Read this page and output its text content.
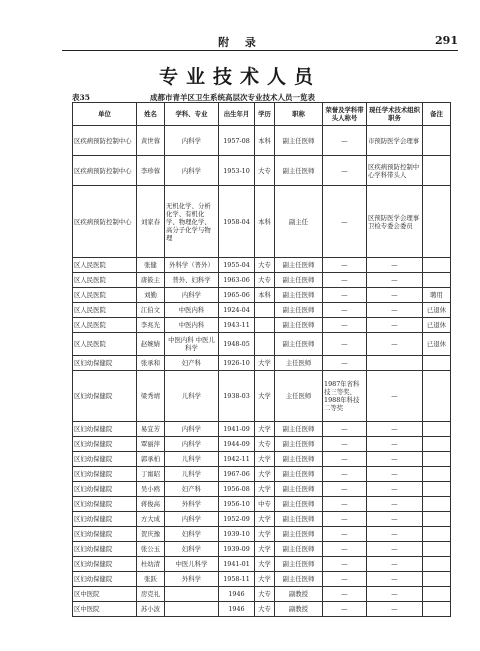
附 录	291
专业技术人员
表35	成都市青羊区卫生系统高层次专业技术人员一览表
单位	姓名	学科、专业	出生年月	学历	职称	荣誉及学科带头人称号	现任学术技术组织职务	备注
区疾病预防控制中心	黄世蓉	内科学	1957-08	本科	副主任医师	—	市预防医学会理事	
区疾病预防控制中心	李珍蓉	内科学	1953-10	大专	副主任医师	—	区疾病预防控制中心学科带头人	
区疾病预防控制中心	刘家春	无机化学、分析化学、有机化学、物理化学、高分子化学与物理	1958-04	本科	副主任	—	区预防医学会理事卫检专委会委员	
区人民医院	张健	外科学（普外）	1955-04	大专	副主任医师	—	—	
区人民医院	唐筱主	普外、妇科学	1963-06	大专	副主任医师	—	—	
区人民医院	刘勤	内科学	1965-06	本科	副主任医师	—	—	聘用
区人民医院	江伯文	中医内科	1924-04		副主任医师	—	—	已退休
区人民医院	李兆光	中医内科	1943-11		副主任医师	—	—	已退休
区人民医院	赵婉婧	中医内科 中医儿科学	1948-05		副主任医师	—	—	已退休
区妇幼保健院	张承和	妇产科	1926-10	大学	主任医师	—		
区妇幼保健院	梁秀靖	儿科学	1938-03	大学	主任医师	1987年省科技三等奖、1988年科技二等奖	—	
区妇幼保健院	易宜芳	内科学	1941-09	大学	副主任医师	—	—	
区妇幼保健院	覃丽萍	内科学	1944-09	大专	副主任医师	—	—	
区妇幼保健院	郭承柏	儿科学	1942-11	大学	副主任医师	—	—	
区妇幼保健院	丁甯昭	儿科学	1967-06	大学	副主任医师	—	—	
区妇幼保健院	吴小鸥	妇产科	1956-08	大学	副主任医师	—	—	
区妇幼保健院	蒋俊高	外科学	1956-10	中专	副主任医师	—	—	
区妇幼保健院	方大成	内科学	1952-09	大学	副主任医师	—	—	
区妇幼保健院	贺庆豫	妇科学	1939-10	大学	副主任医师	—	—	
区妇幼保健院	张公玉	妇科学	1939-09	大学	副主任医师	—	—	
区妇幼保健院	杜幼清	中医儿科学	1941-01	大学	副主任医师	—	—	
区妇幼保健院	张跃	外科学	1958-11	大学	副主任医师	—	—	
区中医院	房克礼		1946	大专	副教授	—	—	
区中医院	苏小波		1946	大专	副教授	—	—	
